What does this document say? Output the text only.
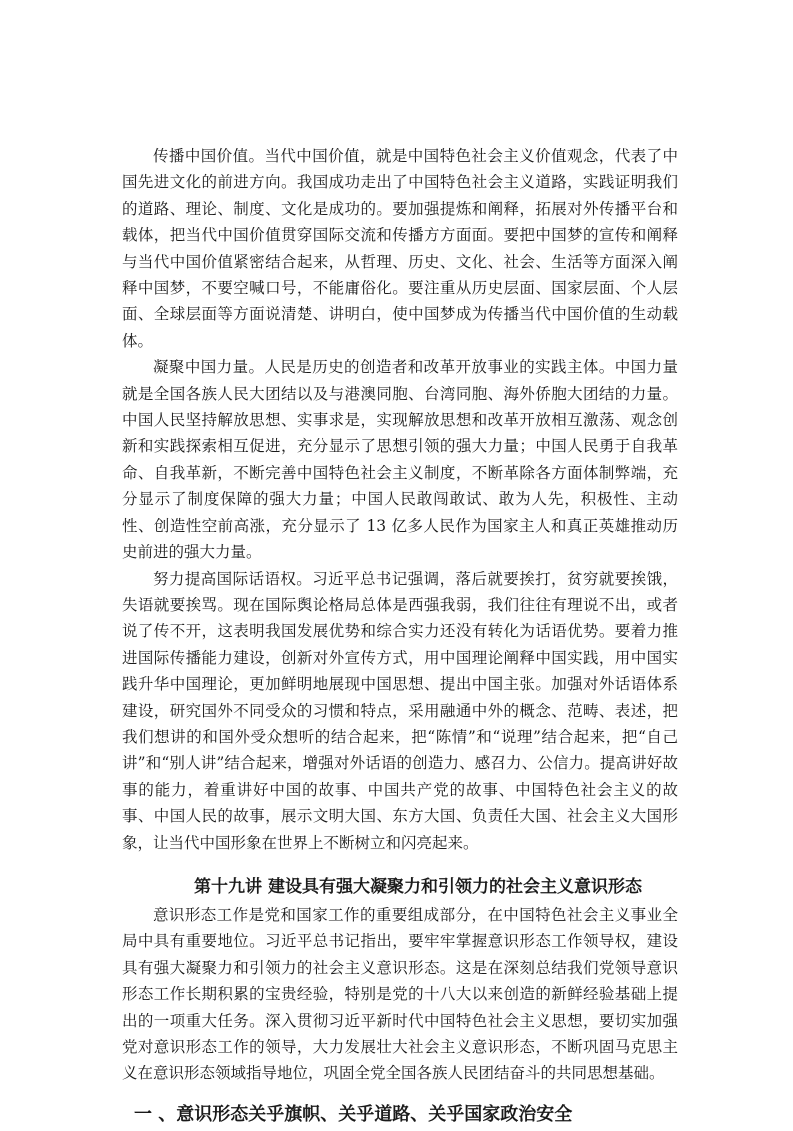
传播中国价值。当代中国价值，就是中国特色社会主义价值观念，代表了中国先进文化的前进方向。我国成功走出了中国特色社会主义道路，实践证明我们的道路、理论、制度、文化是成功的。要加强提炼和阐释，拓展对外传播平台和载体，把当代中国价值贯穿国际交流和传播方方面面。要把中国梦的宣传和阐释与当代中国价值紧密结合起来，从哲理、历史、文化、社会、生活等方面深入阐释中国梦，不要空喊口号，不能庸俗化。要注重从历史层面、国家层面、个人层面、全球层面等方面说清楚、讲明白，使中国梦成为传播当代中国价值的生动载体。

凝聚中国力量。人民是历史的创造者和改革开放事业的实践主体。中国力量就是全国各族人民大团结以及与港澳同胞、台湾同胞、海外侨胞大团结的力量。中国人民坚持解放思想、实事求是，实现解放思想和改革开放相互激荡、观念创新和实践探索相互促进，充分显示了思想引领的强大力量；中国人民勇于自我革命、自我革新，不断完善中国特色社会主义制度，不断革除各方面体制弊端，充分显示了制度保障的强大力量；中国人民敢闯敢试、敢为人先，积极性、主动性、创造性空前高涨，充分显示了 13 亿多人民作为国家主人和真正英雄推动历史前进的强大力量。

努力提高国际话语权。习近平总书记强调，落后就要挨打，贫穷就要挨饿，失语就要挨骂。现在国际舆论格局总体是西强我弱，我们往往有理说不出，或者说了传不开，这表明我国发展优势和综合实力还没有转化为话语优势。要着力推进国际传播能力建设，创新对外宣传方式，用中国理论阐释中国实践，用中国实践升华中国理论，更加鲜明地展现中国思想、提出中国主张。加强对外话语体系建设，研究国外不同受众的习惯和特点，采用融通中外的概念、范畴、表述，把我们想讲的和国外受众想听的结合起来，把“陈情”和“说理”结合起来，把“自己讲”和“别人讲”结合起来，增强对外话语的创造力、感召力、公信力。提高讲好故事的能力，着重讲好中国的故事、中国共产党的故事、中国特色社会主义的故事、中国人民的故事，展示文明大国、东方大国、负责任大国、社会主义大国形象，让当代中国形象在世界上不断树立和闪亮起来。

第十九讲 建设具有强大凝聚力和引领力的社会主义意识形态

意识形态工作是党和国家工作的重要组成部分，在中国特色社会主义事业全局中具有重要地位。习近平总书记指出，要牢牢掌握意识形态工作领导权，建设具有强大凝聚力和引领力的社会主义意识形态。这是在深刻总结我们党领导意识形态工作长期积累的宝贵经验，特别是党的十八大以来创造的新鲜经验基础上提出的一项重大任务。深入贯彻习近平新时代中国特色社会主义思想，要切实加强党对意识形态工作的领导，大力发展壮大社会主义意识形态，不断巩固马克思主义在意识形态领域指导地位，巩固全党全国各族人民团结奋斗的共同思想基础。

一 、意识形态关乎旗帜、关乎道路、关乎国家政治安全
